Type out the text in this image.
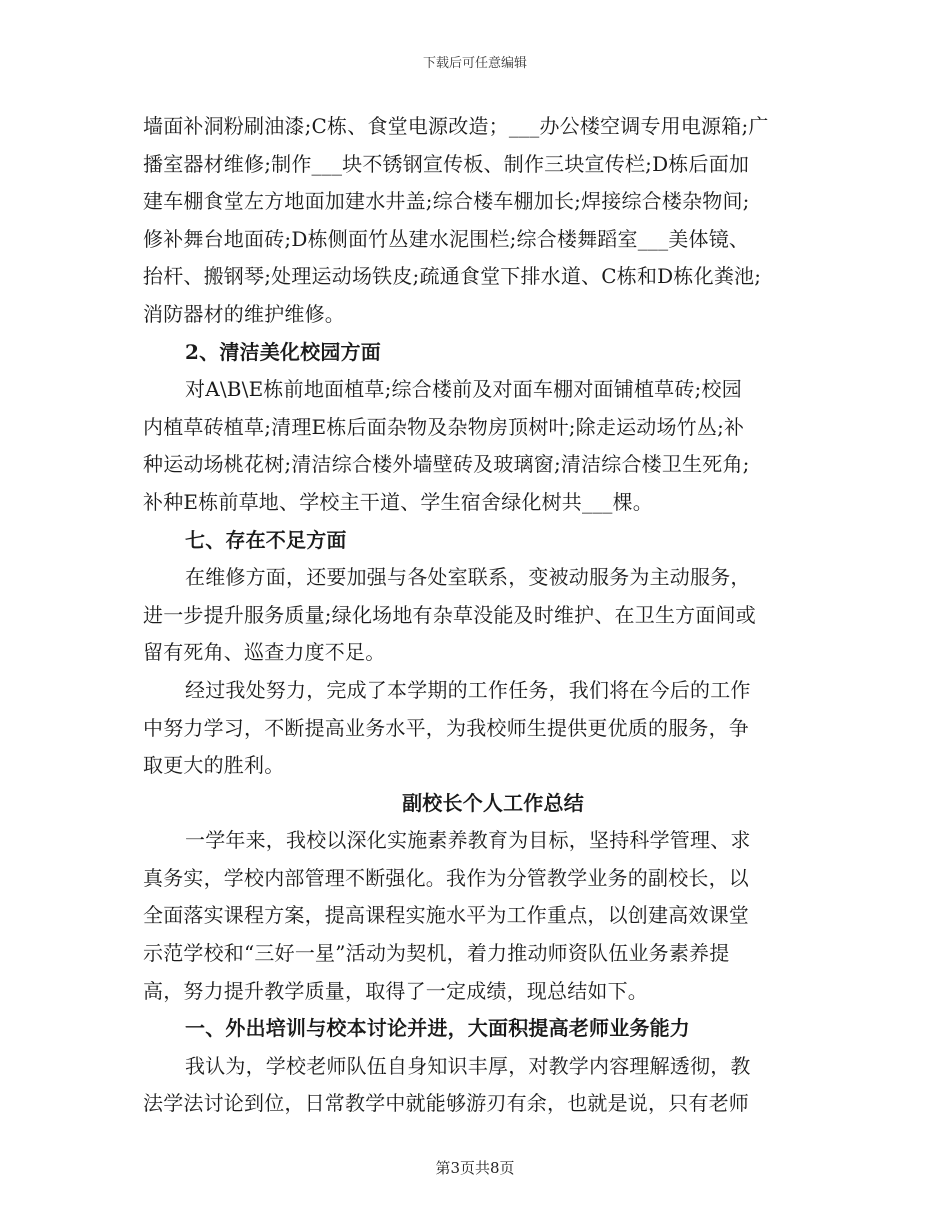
下载后可任意编辑
墙面补洞粉刷油漆;C栋、食堂电源改造；___办公楼空调专用电源箱;广
播室器材维修;制作___块不锈钢宣传板、制作三块宣传栏;D栋后面加
建车棚食堂左方地面加建水井盖;综合楼车棚加长;焊接综合楼杂物间;
修补舞台地面砖;D栋侧面竹丛建水泥围栏;综合楼舞蹈室___美体镜、
抬杆、搬钢琴;处理运动场铁皮;疏通食堂下排水道、C栋和D栋化粪池;
消防器材的维护维修。
2、清洁美化校园方面
对A\B\E栋前地面植草;综合楼前及对面车棚对面铺植草砖;校园
内植草砖植草;清理E栋后面杂物及杂物房顶树叶;除走运动场竹丛;补
种运动场桃花树;清洁综合楼外墙壁砖及玻璃窗;清洁综合楼卫生死角;
补种E栋前草地、学校主干道、学生宿舍绿化树共___棵。
七、存在不足方面
在维修方面，还要加强与各处室联系，变被动服务为主动服务，
进一步提升服务质量;绿化场地有杂草没能及时维护、在卫生方面间或
留有死角、巡查力度不足。
经过我处努力，完成了本学期的工作任务，我们将在今后的工作
中努力学习，不断提高业务水平，为我校师生提供更优质的服务，争
取更大的胜利。
副校长个人工作总结
一学年来，我校以深化实施素养教育为目标，坚持科学管理、求
真务实，学校内部管理不断强化。我作为分管教学业务的副校长，以
全面落实课程方案，提高课程实施水平为工作重点，以创建高效课堂
示范学校和“三好一星”活动为契机，着力推动师资队伍业务素养提
高，努力提升教学质量，取得了一定成绩，现总结如下。
一、外出培训与校本讨论并进，大面积提高老师业务能力
我认为，学校老师队伍自身知识丰厚，对教学内容理解透彻，教
法学法讨论到位，日常教学中就能够游刃有余，也就是说，只有老师
第3页共8页
